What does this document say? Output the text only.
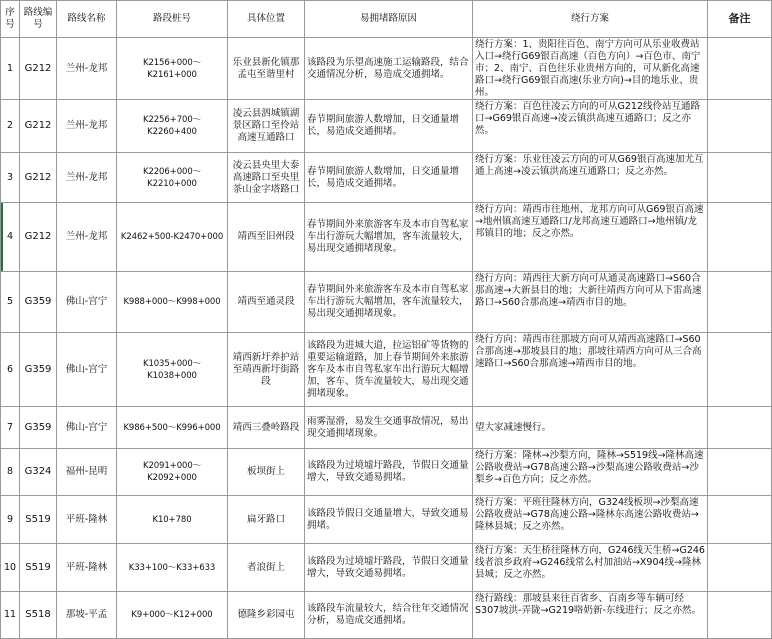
序号	路线编号	路线名称	路段桩号	具体位置	易拥堵路原因	绕行方案	备注
1	G212	兰州-龙邦	K2156+000～K2161+000	乐业县新化镇那孟屯至谐里村	该路段为乐望高速施工运输路段，结合交通情况分析，易造成交通拥堵。	绕行方案：1、贵阳往百色、南宁方向可从乐业收费站入口→绕行G69银百高速（百色方向）→百色市、南宁市；2、南宁、百色往乐业贵州方向的，可从新化高速路口→绕行G69银百高速(乐业方向)→目的地乐业、贵州。	
2	G212	兰州-龙邦	K2256+700～K2260+400	凌云县泗城镇湖景区路口至伶站高速互通路口	春节期间旅游人数增加，日交通量增长，易造成交通拥堵。	绕行方案：百色往凌云方向的可从G212线伶站互通路口→G69银百高速→凌云镇洪高速互通路口；反之亦然。	
3	G212	兰州-龙邦	K2206+000～K2210+000	凌云县央里大泰高速路口至央里茶山金字塔路口	春节期间旅游人数增加，日交通量增长，易造成交通拥堵。	绕行方案：乐业往凌云方向的可从G69银百高速加尤互通上高速→凌云镇洪高速互通路口；反之亦然。	
4	G212	兰州-龙邦	K2462+500-K2470+000	靖西至旧州段	春节期间外来旅游客车及本市自驾私家车出行游玩大幅增加，客车流量较大，易出现交通拥堵现象。	绕行方向：靖西市往地州、龙邦方向可从G69银百高速→地州镇高速互通路口/龙邦高速互通路口→地州镇/龙邦镇目的地；反之亦然。	
5	G359	佛山-宫宁	K988+000～K998+000	靖西至通灵段	春节期间外来旅游客车及本市自驾私家车出行游玩大幅增加，客车流量较大，易出现交通拥堵现象。	绕行方向：靖西往大新方向可从通灵高速路口→S60合那高速→大新县目的地；大新往靖西方向可从下雷高速路口→S60合那高速→靖西市目的地。	
6	G359	佛山-宫宁	K1035+000～K1038+000	靖西新圩养护站至靖西新圩街路段	该路段为进城大道，拉运铝矿等货物的重要运输道路，加上春节期间外来旅游客车及本市自驾私家车出行游玩大幅增加，客车、货车流量较大，易出现交通拥堵现象。	绕行方向：靖西市往那坡方向可从靖西高速路口→S60合那高速→那坡县目的地；那坡往靖西方向可从三合高速路口→S60合那高速→靖西市目的地。	
7	G359	佛山-宫宁	K986+500～K996+000	靖西三叠岭路段	雨雾湿滑，易发生交通事故情况，易出现交通拥堵现象。	望大家减速慢行。	
8	G324	福州-昆明	K2091+000～K2092+000	板坝街上	该路段为过境墟圩路段，节假日交通量增大，导致交通易拥堵。	绕行方案：隆林→沙梨方向，隆林→S519线→隆林高速公路收费站→G78高速公路→沙梨高速公路收费站→沙梨乡→百色方向；反之亦然。	
9	S519	平班-隆林	K10+780	扁牙路口	该路段节假日交通量增大，导致交通易拥堵。	绕行方案：平班往隆林方向，G324线板坝→沙梨高速公路收费站→G78高速公路→隆林东高速公路收费站→隆林县城；反之亦然。	
10	S519	平班-隆林	K33+100～K33+633	者浪街上	该路段为过境墟圩路段，节假日交通量增大，导致交通易拥堵。	绕行方案：天生桥往隆林方向，G246线天生桥→G246线者浪乡政府→G246线常么村加油站→X904线→隆林县城；反之亦然。	
11	S518	那坡-平孟	K9+000～K12+000	德隆乡彩园屯	该路段车流量较大，结合往年交通情况分析，易造成交通拥堵。	绕行路线：那坡县来往百省乡、百南乡等车辆可经S307坡洪-弄陇→G219咯奶新-东线进行；反之亦然。	
